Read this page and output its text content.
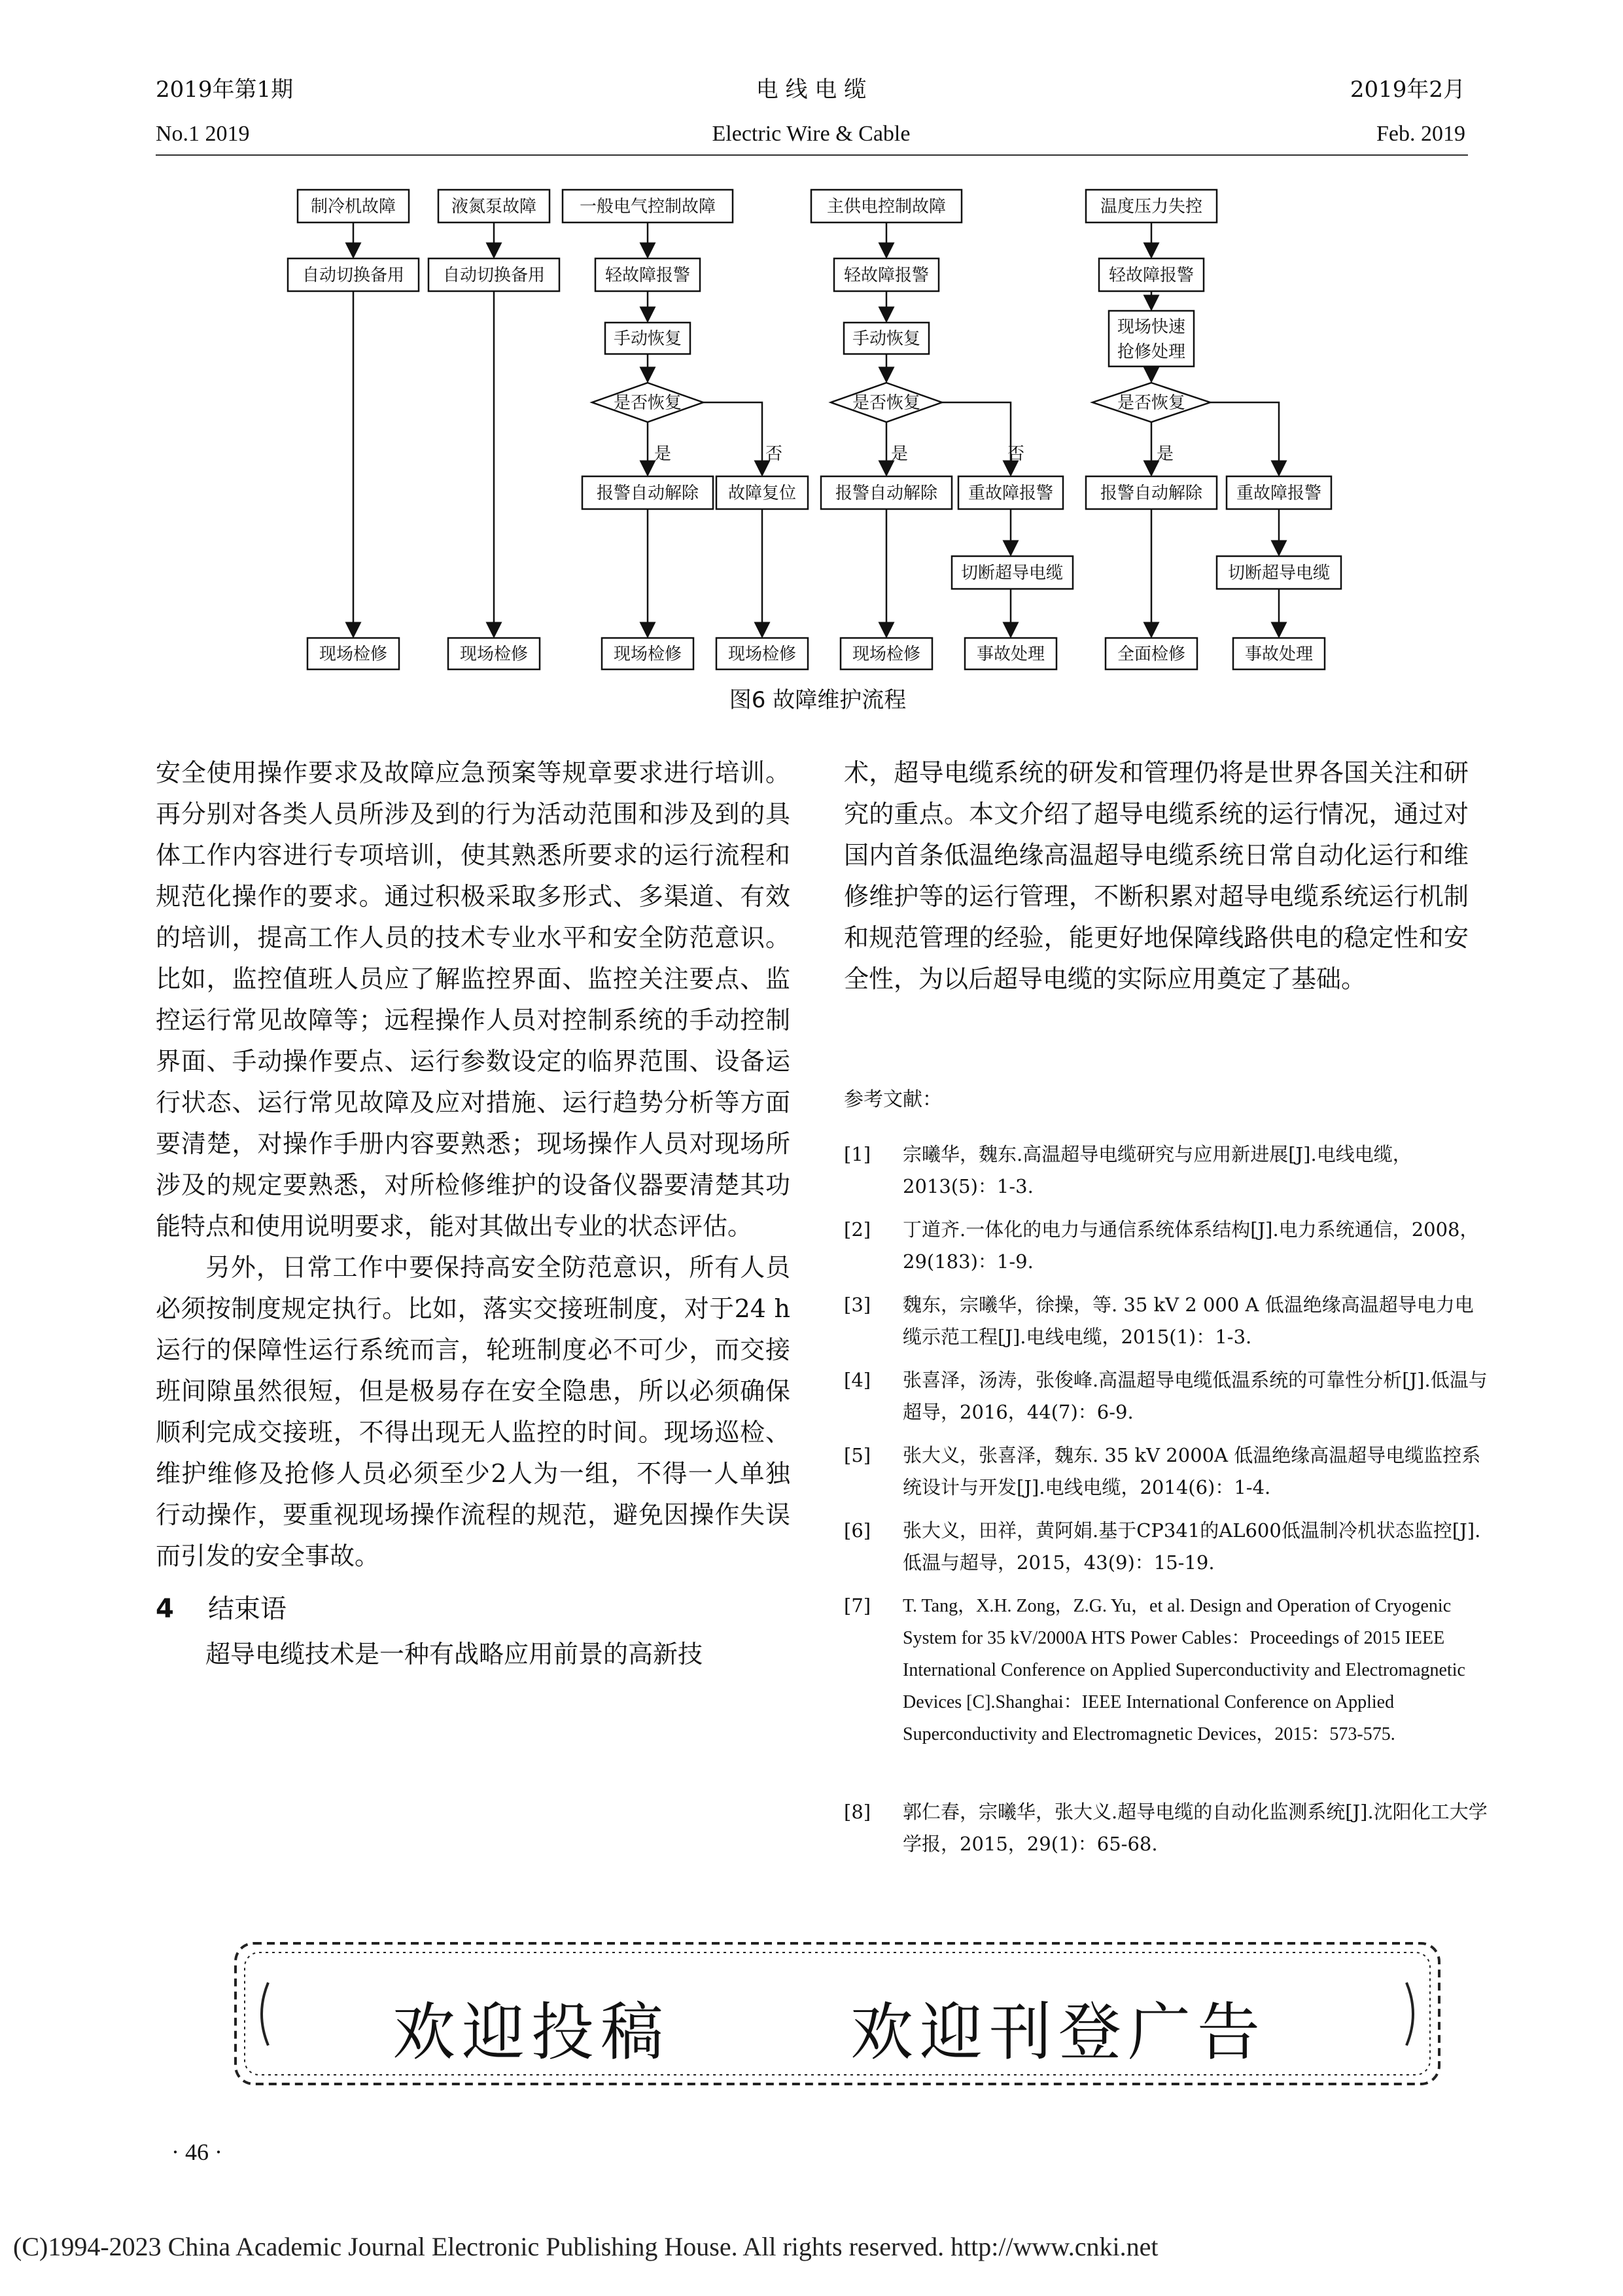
2019年第1期
No.1 2019
电 线 电 缆
Electric Wire & Cable
2019年2月
Feb. 2019
制冷机故障
自动切换备用
现场检修
液氮泵故障
自动切换备用
现场检修
一般电气控制故障
轻故障报警
手动恢复
是否恢复
是	否
报警自动解除 故障复位
现场检修	现场检修
主供电控制故障
轻故障报警
手动恢复
是否恢复
是	否
报警自动解除 重故障报警
切断超导电缆
现场检修	事故处理
温度压力失控
轻故障报警
现场快速
抢修处理
是否恢复
是
报警自动解除 重故障报警
切断超导电缆
全面检修	事故处理
图6 故障维护流程

安全使用操作要求及故障应急预案等规章要求进行培训。再分别对各类人员所涉及到的行为活动范围和涉及到的具体工作内容进行专项培训，使其熟悉所要求的运行流程和规范化操作的要求。通过积极采取多形式、多渠道、有效的培训，提高工作人员的技术专业水平和安全防范意识。比如，监控值班人员应了解监控界面、监控关注要点、监控运行常见故障等；远程操作人员对控制系统的手动控制界面、手动操作要点、运行参数设定的临界范围、设备运行状态、运行常见故障及应对措施、运行趋势分析等方面要清楚，对操作手册内容要熟悉；现场操作人员对现场所涉及的规定要熟悉，对所检修维护的设备仪器要清楚其功能特点和使用说明要求，能对其做出专业的状态评估。

另外，日常工作中要保持高安全防范意识，所有人员必须按制度规定执行。比如，落实交接班制度，对于24 h运行的保障性运行系统而言，轮班制度必不可少，而交接班间隙虽然很短，但是极易存在安全隐患，所以必须确保顺利完成交接班，不得出现无人监控的时间。现场巡检、维护维修及抢修人员必须至少2人为一组，不得一人单独行动操作，要重视现场操作流程的规范，避免因操作失误而引发的安全事故。

4 结束语

超导电缆技术是一种有战略应用前景的高新技

术，超导电缆系统的研发和管理仍将是世界各国关注和研究的重点。本文介绍了超导电缆系统的运行情况，通过对国内首条低温绝缘高温超导电缆系统日常自动化运行和维修维护等的运行管理，不断积累对超导电缆系统运行机制和规范管理的经验，能更好地保障线路供电的稳定性和安全性，为以后超导电缆的实际应用奠定了基础。

参考文献：
[1]	宗曦华，魏东.高温超导电缆研究与应用新进展[J].电线电缆，2013(5)：1-3.
[2]	丁道齐.一体化的电力与通信系统体系结构[J].电力系统通信，2008，29(183)：1-9.
[3]	魏东，宗曦华，徐操，等. 35 kV 2 000 A 低温绝缘高温超导电力电缆示范工程[J].电线电缆，2015(1)：1-3.
[4]	张喜泽，汤涛，张俊峰.高温超导电缆低温系统的可靠性分析[J].低温与超导，2016，44(7)：6-9.
[5]	张大义，张喜泽，魏东. 35 kV 2000A 低温绝缘高温超导电缆监控系统设计与开发[J].电线电缆，2014(6)：1-4.
[6]	张大义，田祥，黄阿娟.基于CP341的AL600低温制冷机状态监控[J].低温与超导，2015，43(9)：15-19.
[7]	T. Tang，X.H. Zong，Z.G. Yu，et al. Design and Operation of Cryogenic System for 35 kV/2000A HTS Power Cables：Proceedings of 2015 IEEE International Conference on Applied Superconductivity and Electromagnetic Devices [C].Shanghai：IEEE International Conference on Applied Superconductivity and Electromagnetic Devices，2015：573-575.
[8]	郭仁春，宗曦华，张大义.超导电缆的自动化监测系统[J].沈阳化工大学学报，2015，29(1)：65-68.
欢迎投稿	欢迎刊登广告
· 46 ·
(C)1994-2023 China Academic Journal Electronic Publishing House. All rights reserved. http://www.cnki.net
